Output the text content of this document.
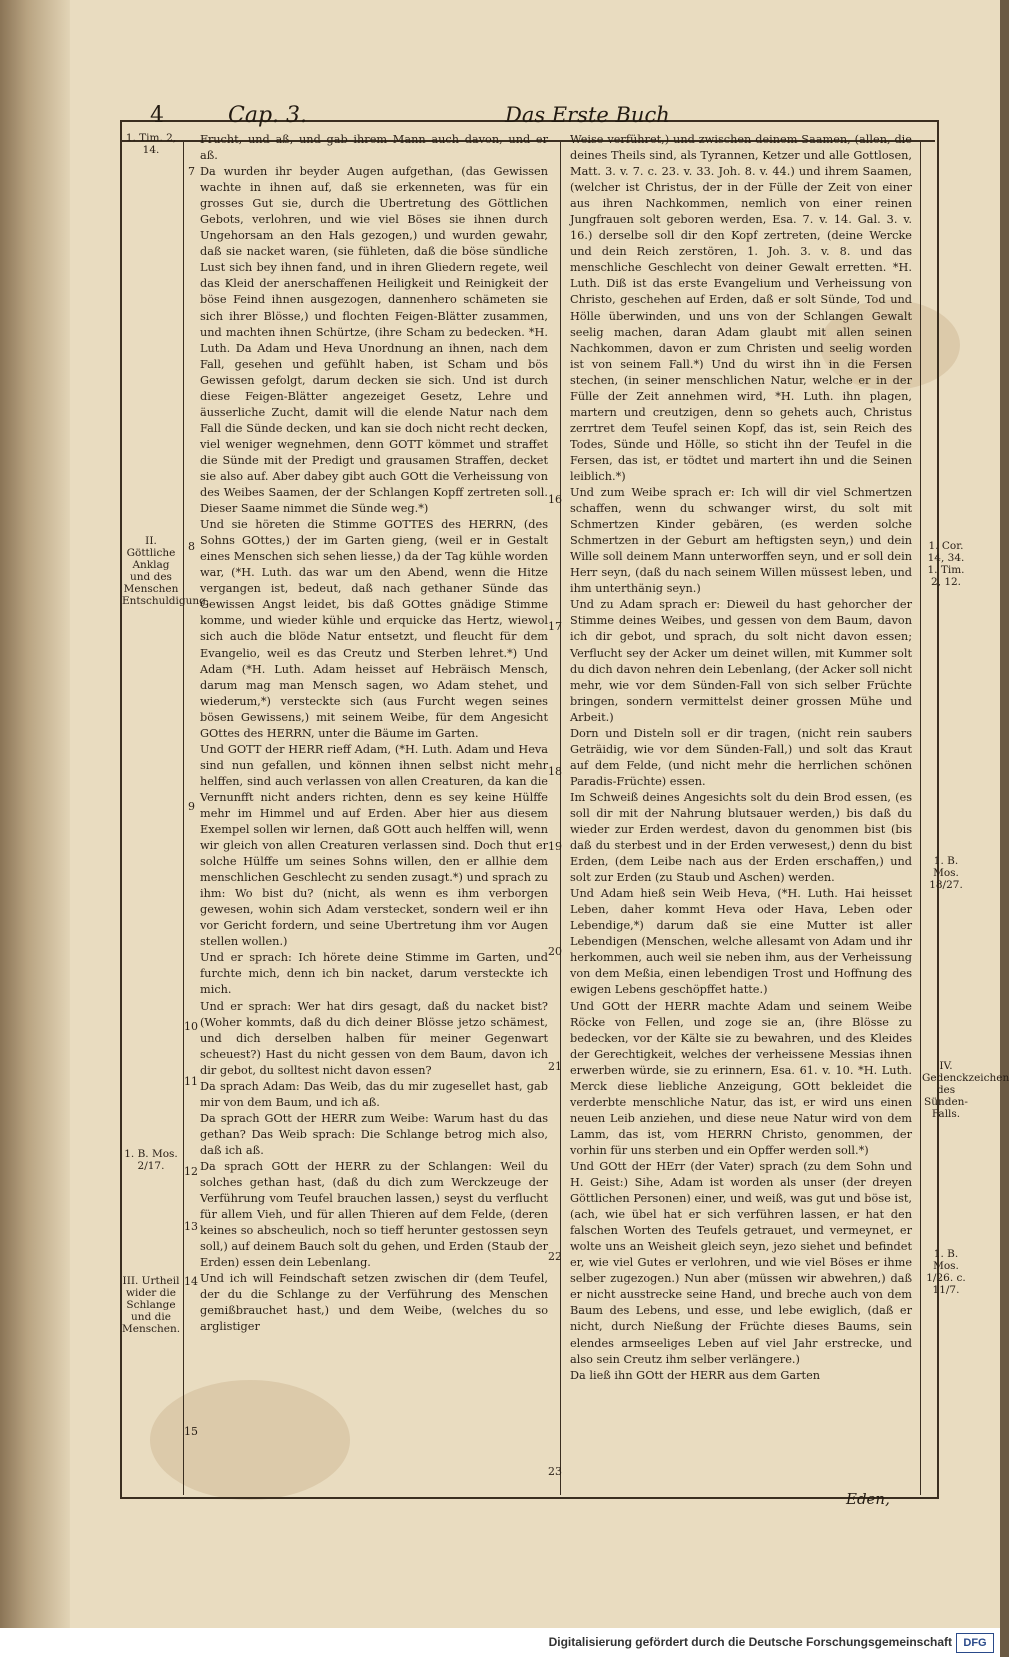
4	Cap. 3.	Das Erste Buch

Frucht, und aß, und gab ihrem Mann auch davon, und er aß.

Da wurden ihr beyder Augen aufgethan, (das Gewissen wachte in ihnen auf, daß sie erkenneten, was für ein grosses Gut sie, durch die Ubertretung des Göttlichen Gebots, verlohren, und wie viel Böses sie ihnen durch Ungehorsam an den Hals gezogen,) und wurden gewahr, daß sie nacket waren, (sie fühleten, daß die böse sündliche Lust sich bey ihnen fand, und in ihren Gliedern regete, weil das Kleid der anerschaffenen Heiligkeit und Reinigkeit der böse Feind ihnen ausgezogen, dannenhero schämeten sie sich ihrer Blösse,) und flochten Feigen-Blätter zusammen, und machten ihnen Schürtze, (ihre Scham zu bedecken. *H. Luth. Da Adam und Heva Unordnung an ihnen, nach dem Fall, gesehen und gefühlt haben, ist Scham und bös Gewissen gefolgt, darum decken sie sich. Und ist durch diese Feigen-Blätter angezeiget Gesetz, Lehre und äusserliche Zucht, damit will die elende Natur nach dem Fall die Sünde decken, und kan sie doch nicht recht decken, viel weniger wegnehmen, denn GOTT kömmet und straffet die Sünde mit der Predigt und grausamen Straffen, decket sie also auf. Aber dabey gibt auch GOtt die Verheissung von des Weibes Saamen, der der Schlangen Kopff zertreten soll. Dieser Saame nimmet die Sünde weg.*)

Und sie höreten die Stimme GOTTES des HERRN, (des Sohns GOttes,) der im Garten gieng, (weil er in Gestalt eines Menschen sich sehen liesse,) da der Tag kühle worden war, (*H. Luth. das war um den Abend, wenn die Hitze vergangen ist, bedeut, daß nach gethaner Sünde das Gewissen Angst leidet, bis daß GOttes gnädige Stimme komme, und wieder kühle und erquicke das Hertz, wiewol sich auch die blöde Natur entsetzt, und fleucht für dem Evangelio, weil es das Creutz und Sterben lehret.*) Und Adam (*H. Luth. Adam heisset auf Hebräisch Mensch, darum mag man Mensch sagen, wo Adam stehet, und wiederum,*) versteckte sich (aus Furcht wegen seines bösen Gewissens,) mit seinem Weibe, für dem Angesicht GOttes des HERRN, unter die Bäume im Garten.

Und GOTT der HERR rieff Adam, (*H. Luth. Adam und Heva sind nun gefallen, und können ihnen selbst nicht mehr helffen, sind auch verlassen von allen Creaturen, da kan die Vernunfft nicht anders richten, denn es sey keine Hülffe mehr im Himmel und auf Erden. Aber hier aus diesem Exempel sollen wir lernen, daß GOtt auch helffen will, wenn wir gleich von allen Creaturen verlassen sind. Doch thut er solche Hülffe um seines Sohns willen, den er allhie dem menschlichen Geschlecht zu senden zusagt.*) und sprach zu ihm: Wo bist du? (nicht, als wenn es ihm verborgen gewesen, wohin sich Adam verstecket, sondern weil er ihn vor Gericht fordern, und seine Ubertretung ihm vor Augen stellen wollen.)

Und er sprach: Ich hörete deine Stimme im Garten, und furchte mich, denn ich bin nacket, darum versteckte ich mich.

Und er sprach: Wer hat dirs gesagt, daß du nacket bist? (Woher kommts, daß du dich deiner Blösse jetzo schämest, und dich derselben halben für meiner Gegenwart scheuest?) Hast du nicht gessen von dem Baum, davon ich dir gebot, du solltest nicht davon essen?

Da sprach Adam: Das Weib, das du mir zugesellet hast, gab mir von dem Baum, und ich aß.

Da sprach GOtt der HERR zum Weibe: Warum hast du das gethan? Das Weib sprach: Die Schlange betrog mich also, daß ich aß.

Da sprach GOtt der HERR zu der Schlangen: Weil du solches gethan hast, (daß du dich zum Werckzeuge der Verführung vom Teufel brauchen lassen,) seyst du verflucht für allem Vieh, und für allen Thieren auf dem Felde, (deren keines so abscheulich, noch so tieff herunter gestossen seyn soll,) auf deinem Bauch solt du gehen, und Erden (Staub der Erden) essen dein Lebenlang.

Und ich will Feindschaft setzen zwischen dir (dem Teufel, der du die Schlange zu der Verführung des Menschen gemißbrauchet hast,) und dem Weibe, (welches du so arglistiger

Weise verführet,) und zwischen deinem Saamen, (allen, die deines Theils sind, als Tyrannen, Ketzer und alle Gottlosen, Matt. 3. v. 7. c. 23. v. 33. Joh. 8. v. 44.) und ihrem Saamen, (welcher ist Christus, der in der Fülle der Zeit von einer aus ihren Nachkommen, nemlich von einer reinen Jungfrauen solt geboren werden, Esa. 7. v. 14. Gal. 3. v. 16.) derselbe soll dir den Kopf zertreten, (deine Wercke und dein Reich zerstören, 1. Joh. 3. v. 8. und das menschliche Geschlecht von deiner Gewalt erretten. *H. Luth. Diß ist das erste Evangelium und Verheissung von Christo, geschehen auf Erden, daß er solt Sünde, Tod und Hölle überwinden, und uns von der Schlangen Gewalt seelig machen, daran Adam glaubt mit allen seinen Nachkommen, davon er zum Christen und seelig worden ist von seinem Fall.*) Und du wirst ihn in die Fersen stechen, (in seiner menschlichen Natur, welche er in der Fülle der Zeit annehmen wird, *H. Luth. ihn plagen, martern und creutzigen, denn so gehets auch, Christus zerrtret dem Teufel seinen Kopf, das ist, sein Reich des Todes, Sünde und Hölle, so sticht ihn der Teufel in die Fersen, das ist, er tödtet und martert ihn und die Seinen leiblich.*)

Und zum Weibe sprach er: Ich will dir viel Schmertzen schaffen, wenn du schwanger wirst, du solt mit Schmertzen Kinder gebären, (es werden solche Schmertzen in der Geburt am heftigsten seyn,) und dein Wille soll deinem Mann unterworffen seyn, und er soll dein Herr seyn, (daß du nach seinem Willen müssest leben, und ihm unterthänig seyn.)

Und zu Adam sprach er: Dieweil du hast gehorcher der Stimme deines Weibes, und gessen von dem Baum, davon ich dir gebot, und sprach, du solt nicht davon essen; Verflucht sey der Acker um deinet willen, mit Kummer solt du dich davon nehren dein Lebenlang, (der Acker soll nicht mehr, wie vor dem Sünden-Fall von sich selber Früchte bringen, sondern vermittelst deiner grossen Mühe und Arbeit.)

Dorn und Disteln soll er dir tragen, (nicht rein saubers Geträidig, wie vor dem Sünden-Fall,) und solt das Kraut auf dem Felde, (und nicht mehr die herrlichen schönen Paradis-Früchte) essen.

Im Schweiß deines Angesichts solt du dein Brod essen, (es soll dir mit der Nahrung blutsauer werden,) bis daß du wieder zur Erden werdest, davon du genommen bist (bis daß du sterbest und in der Erden verwesest,) denn du bist Erden, (dem Leibe nach aus der Erden erschaffen,) und solt zur Erden (zu Staub und Aschen) werden.

Und Adam hieß sein Weib Heva, (*H. Luth. Hai heisset Leben, daher kommt Heva oder Hava, Leben oder Lebendige,*) darum daß sie eine Mutter ist aller Lebendigen (Menschen, welche allesamt von Adam und ihr herkommen, auch weil sie neben ihm, aus der Verheissung von dem Meßia, einen lebendigen Trost und Hoffnung des ewigen Lebens geschöpffet hatte.)

Und GOtt der HERR machte Adam und seinem Weibe Röcke von Fellen, und zoge sie an, (ihre Blösse zu bedecken, vor der Kälte sie zu bewahren, und des Kleides der Gerechtigkeit, welches der verheissene Messias ihnen erwerben würde, sie zu erinnern, Esa. 61. v. 10. *H. Luth. Merck diese liebliche Anzeigung, GOtt bekleidet die verderbte menschliche Natur, das ist, er wird uns einen neuen Leib anziehen, und diese neue Natur wird von dem Lamm, das ist, vom HERRN Christo, genommen, der vorhin für uns sterben und ein Opffer werden soll.*)

Und GOtt der HErr (der Vater) sprach (zu dem Sohn und H. Geist:) Sihe, Adam ist worden als unser (der dreyen Göttlichen Personen) einer, und weiß, was gut und böse ist, (ach, wie übel hat er sich verführen lassen, er hat den falschen Worten des Teufels getrauet, und vermeynet, er wolte uns an Weisheit gleich seyn, jezo siehet und befindet er, wie viel Gutes er verlohren, und wie viel Böses er ihme selber zugezogen.) Nun aber (müssen wir abwehren,) daß er nicht ausstrecke seine Hand, und breche auch von dem Baum des Lebens, und esse, und lebe ewiglich, (daß er nicht, durch Nießung der Früchte dieses Baums, sein elendes armseeliges Leben auf viel Jahr erstrecke, und also sein Creutz ihm selber verlängere.)

Da ließ ihn GOtt der HERR aus dem Garten

7
8
9
10
11
12
13
14
15
16
17
18
19
20
21
22
23
1. Tim. 2, 14.
II. Göttliche Anklag und des Menschen Entschuldigung.
1. B. Mos. 2/17.
III. Urtheil wider die Schlange und die Menschen.
1. Cor. 14, 34. 1. Tim. 2, 12.
1. B. Mos. 18/27.
IV. Gedenckzeichen des Sünden-Falls.
1. B. Mos. 1/26. c. 11/7.
Eden,
Digitalisierung gefördert durch die Deutsche Forschungsgemeinschaft	DFG
